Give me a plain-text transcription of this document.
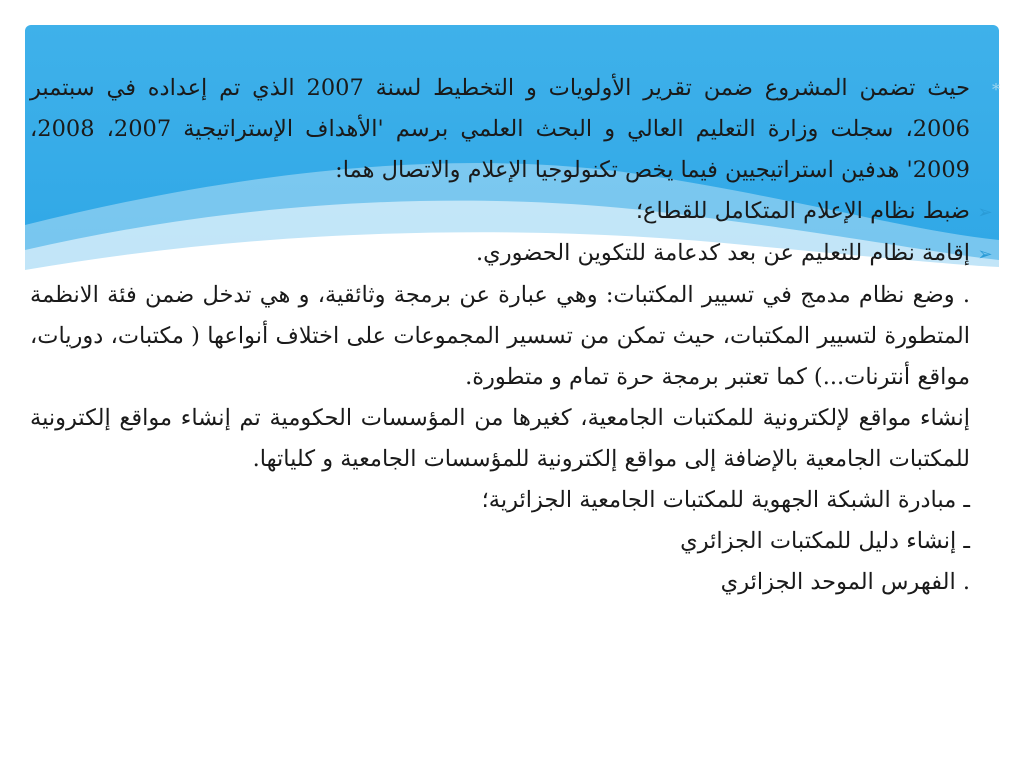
*
حيث تضمن المشروع ضمن تقرير الأولويات و التخطيط لسنة 2007 الذي تم إعداده في سبتمبر 2006، سجلت وزارة التعليم العالي و البحث العلمي برسم 'الأهداف الإستراتيجية 2007، 2008، 2009' هدفين استراتيجيين فيما يخص تكنولوجيا الإعلام والاتصال هما:
➢
ضبط نظام الإعلام المتكامل للقطاع؛
➢
إقامة نظام للتعليم عن بعد كدعامة للتكوين الحضوري.

. وضع نظام مدمج في تسيير المكتبات: وهي عبارة عن برمجة وثائقية، و هي تدخل ضمن فئة الانظمة المتطورة لتسيير المكتبات، حيث تمكن من تسسير المجموعات على اختلاف أنواعها ( مكتبات، دوريات، مواقع أنترنات...) كما تعتبر برمجة حرة تمام و متطورة.

إنشاء مواقع لإلكترونية للمكتبات الجامعية، كغيرها من المؤسسات الحكومية تم إنشاء مواقع إلكترونية للمكتبات الجامعية بالإضافة إلى مواقع إلكترونية للمؤسسات الجامعية و كلياتها.

ـ مبادرة الشبكة الجهوية للمكتبات الجامعية الجزائرية؛

ـ إنشاء دليل للمكتبات الجزائري

. الفهرس الموحد الجزائري
